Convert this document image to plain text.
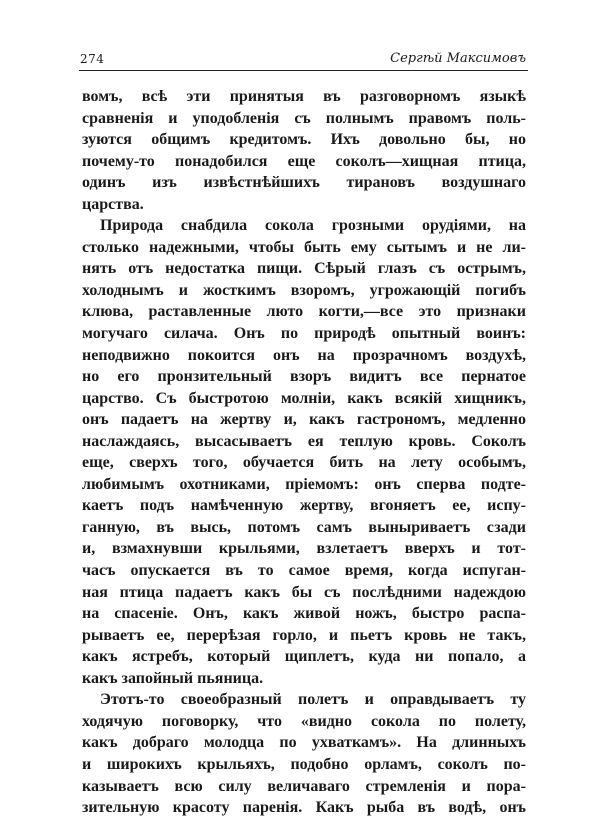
274	Сергѣй Максимовъ

вомъ, всѣ эти принятыя въ разговорномъ языкѣ
сравненія и уподобленія съ полнымъ правомъ поль-
зуются общимъ кредитомъ. Ихъ довольно бы, но
почему-то понадобился еще соколъ—хищная птица,
одинъ изъ извѣстнѣйшихъ тирановъ воздушнаго
царства.

Природа снабдила сокола грозными орудіями, на
столько надежными, чтобы быть ему сытымъ и не ли-
нять отъ недостатка пищи. Сѣрый глазъ съ острымъ,
холоднымъ и жосткимъ взоромъ, угрожающій погибъ
клюва, раставленные люто когти,—все это признаки
могучаго силача. Онъ по природѣ опытный воинъ:
неподвижно покоится онъ на прозрачномъ воздухѣ,
но его пронзительный взоръ видитъ все пернатое
царство. Съ быстротою молніи, какъ всякій хищникъ,
онъ падаетъ на жертву и, какъ гастрономъ, медленно
наслаждаясь, высасываетъ ея теплую кровь. Соколъ
еще, сверхъ того, обучается бить на лету особымъ,
любимымъ охотниками, пріемомъ: онъ сперва подте-
каетъ подъ намѣченную жертву, вгоняетъ ее, испу-
ганную, въ высь, потомъ самъ выныриваетъ сзади
и, взмахнувши крыльями, взлетаетъ вверхъ и тот-
часъ опускается въ то самое время, когда испуган-
ная птица падаетъ какъ бы съ послѣдними надеждою
на спасеніе. Онъ, какъ живой ножъ, быстро распа-
рываетъ ее, перерѣзая горло, и пьетъ кровь не такъ,
какъ ястребъ, который щиплетъ, куда ни попало, а
какъ запойный пьяница.

Этотъ-то своеобразный полетъ и оправдываетъ ту
ходячую поговорку, что «видно сокола по полету,
какъ добраго молодца по ухваткамъ». На длинныхъ
и широкихъ крыльяхъ, подобно орламъ, соколъ по-
казываетъ всю силу величаваго стремленія и пора-
зительную красоту паренія. Какъ рыба въ водѣ, онъ
